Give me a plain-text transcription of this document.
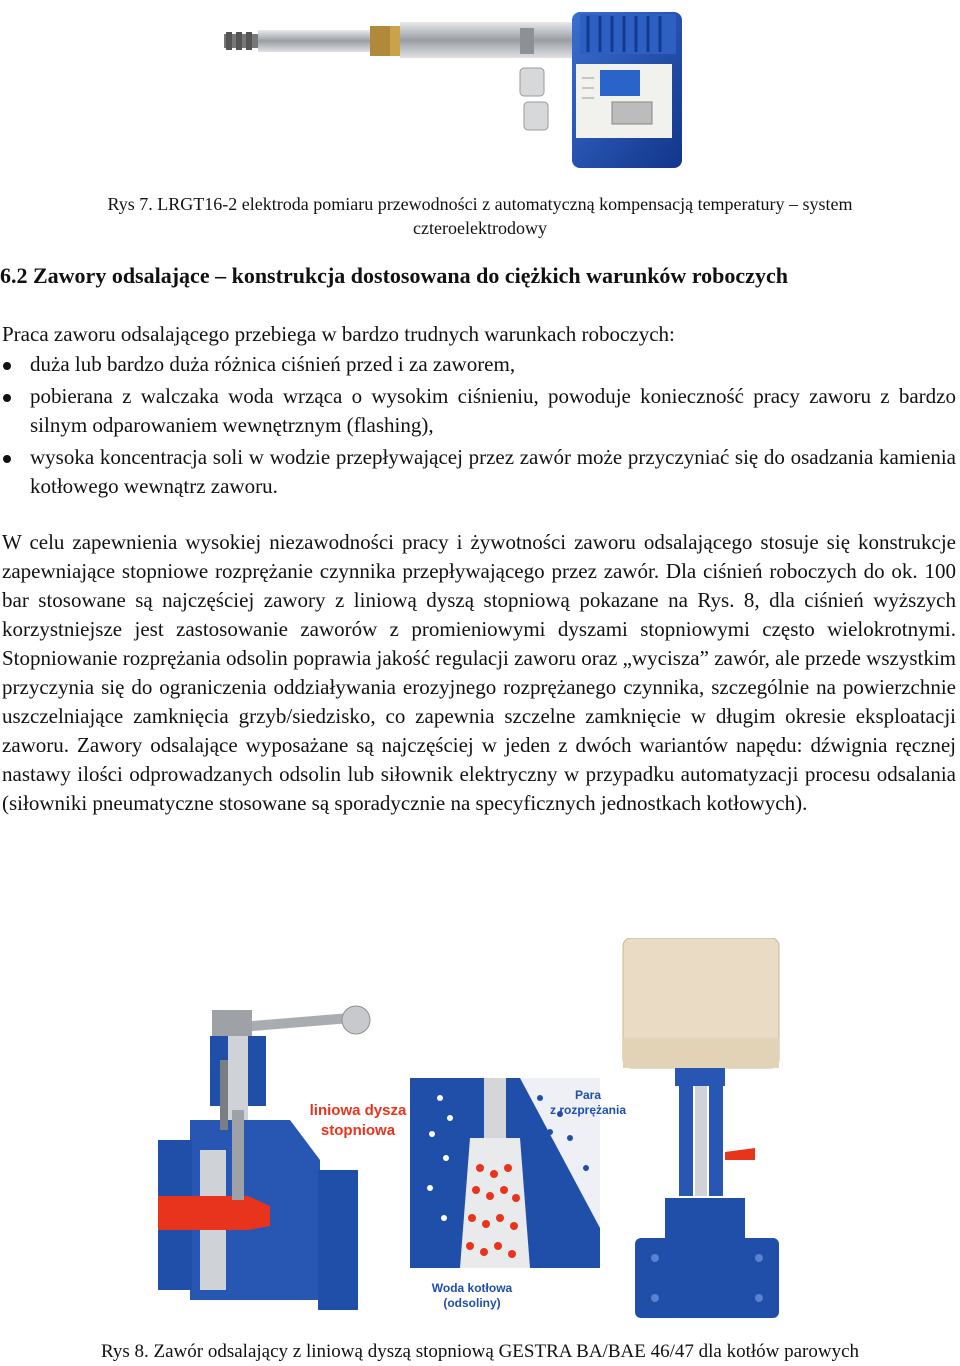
Rys 7. LRGT16-2 elektroda pomiaru przewodności z automatyczną kompensacją temperatury – system
czteroelektrodowy
6.2 Zawory odsalające – konstrukcja dostosowana do ciężkich warunków roboczych
Praca zaworu odsalającego przebiega w bardzo trudnych warunkach roboczych:
duża lub bardzo duża różnica ciśnień przed i za zaworem,
pobierana z walczaka woda wrząca o wysokim ciśnieniu, powoduje konieczność pracy zaworu z bardzo silnym odparowaniem wewnętrznym (flashing),
wysoka koncentracja soli w wodzie przepływającej przez zawór może przyczyniać się do osadzania kamienia kotłowego wewnątrz zaworu.
W celu zapewnienia wysokiej niezawodności pracy i żywotności zaworu odsalającego stosuje się konstrukcje zapewniające stopniowe rozprężanie czynnika przepływającego przez zawór. Dla ciśnień roboczych do ok. 100 bar stosowane są najczęściej zawory z liniową dyszą stopniową pokazane na Rys. 8, dla ciśnień wyższych korzystniejsze jest zastosowanie zaworów z promieniowymi dyszami stopniowymi często wielokrotnymi. Stopniowanie rozprężania odsolin poprawia jakość regulacji zaworu oraz „wycisza” zawór, ale przede wszystkim przyczynia się do ograniczenia oddziaływania erozyjnego rozprężanego czynnika, szczególnie na powierzchnie uszczelniające zamknięcia grzyb/siedzisko, co zapewnia szczelne zamknięcie w długim okresie eksploatacji zaworu. Zawory odsalające wyposażane są najczęściej w jeden z dwóch wariantów napędu: dźwignia ręcznej nastawy ilości odprowadzanych odsolin lub siłownik elektryczny w przypadku automatyzacji procesu odsalania (siłowniki pneumatyczne stosowane są sporadycznie na specyficznych jednostkach kotłowych).
liniowa dysza
stopniowa
Para
z rozprężania
Woda kotłowa
(odsoliny)
Rys 8. Zawór odsalający z liniową dyszą stopniową GESTRA BA/BAE 46/47 dla kotłów parowych
